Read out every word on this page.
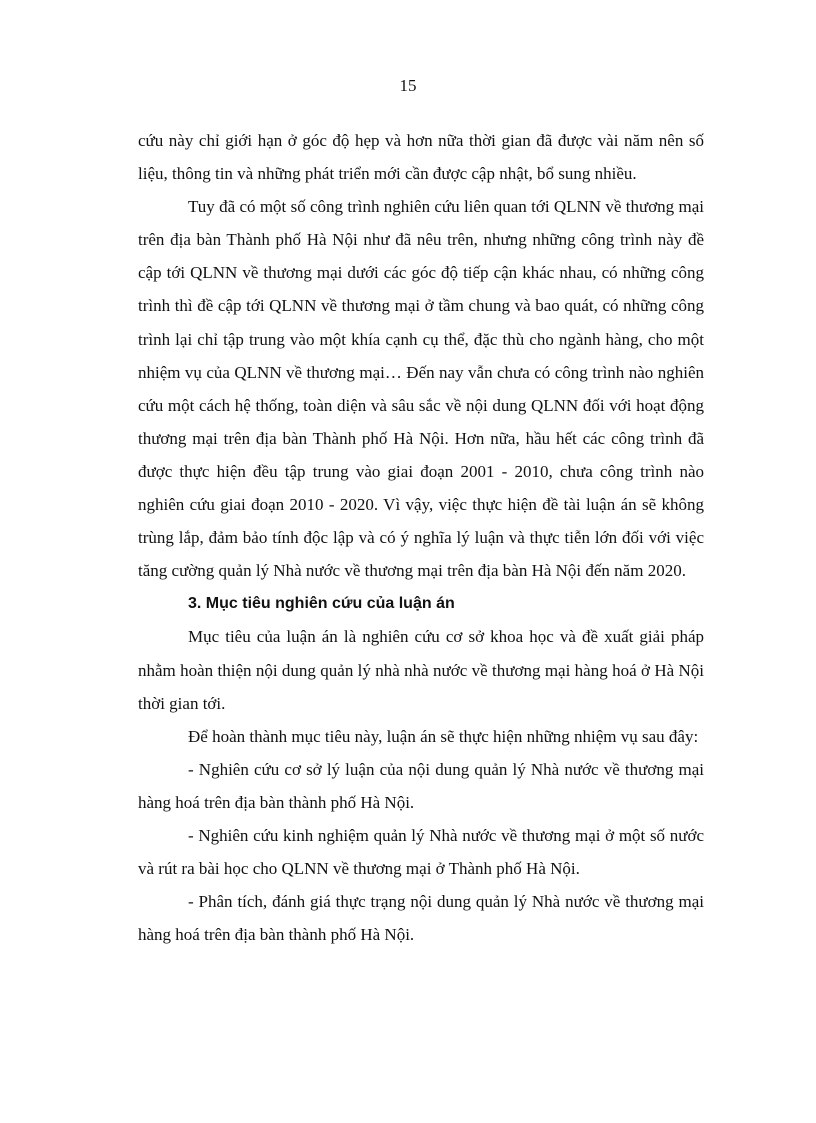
15

cứu này chỉ giới hạn ở góc độ hẹp và hơn nữa thời gian đã được vài năm nên số liệu, thông tin và những phát triển mới cần được cập nhật, bổ sung nhiều.

Tuy đã có một số công trình nghiên cứu liên quan tới QLNN về thương mại trên địa bàn Thành phố Hà Nội như đã nêu trên, nhưng những công trình này đề cập tới QLNN về thương mại dưới các góc độ tiếp cận khác nhau, có những công trình thì đề cập tới QLNN về thương mại ở tầm chung và bao quát, có những công trình lại chỉ tập trung vào một khía cạnh cụ thể, đặc thù cho ngành hàng, cho một nhiệm vụ của QLNN về thương mại… Đến nay vẫn chưa có công trình nào nghiên cứu một cách hệ thống, toàn diện và sâu sắc về nội dung QLNN đối với hoạt động thương mại trên địa bàn Thành phố Hà Nội. Hơn nữa, hầu hết các công trình đã được thực hiện đều tập trung vào giai đoạn 2001 - 2010, chưa công trình nào nghiên cứu giai đoạn 2010 - 2020. Vì vậy, việc thực hiện đề tài luận án sẽ không trùng lắp, đảm bảo tính độc lập và có ý nghĩa lý luận và thực tiễn lớn đối với việc tăng cường quản lý Nhà nước về thương mại trên địa bàn Hà Nội đến năm 2020.

3. Mục tiêu nghiên cứu của luận án

Mục tiêu của luận án là nghiên cứu cơ sở khoa học và đề xuất giải pháp nhằm hoàn thiện nội dung quản lý nhà nhà nước về thương mại hàng hoá ở Hà Nội thời gian tới.

Để hoàn thành mục tiêu này, luận án sẽ thực hiện những nhiệm vụ sau đây:

- Nghiên cứu cơ sở lý luận của nội dung quản lý Nhà nước về thương mại hàng hoá trên địa bàn thành phố Hà Nội.

- Nghiên cứu kinh nghiệm quản lý Nhà nước về thương mại ở một số nước và rút ra bài học cho QLNN về thương mại ở Thành phố Hà Nội.

- Phân tích, đánh giá thực trạng nội dung quản lý Nhà nước về thương mại hàng hoá trên địa bàn thành phố Hà Nội.
